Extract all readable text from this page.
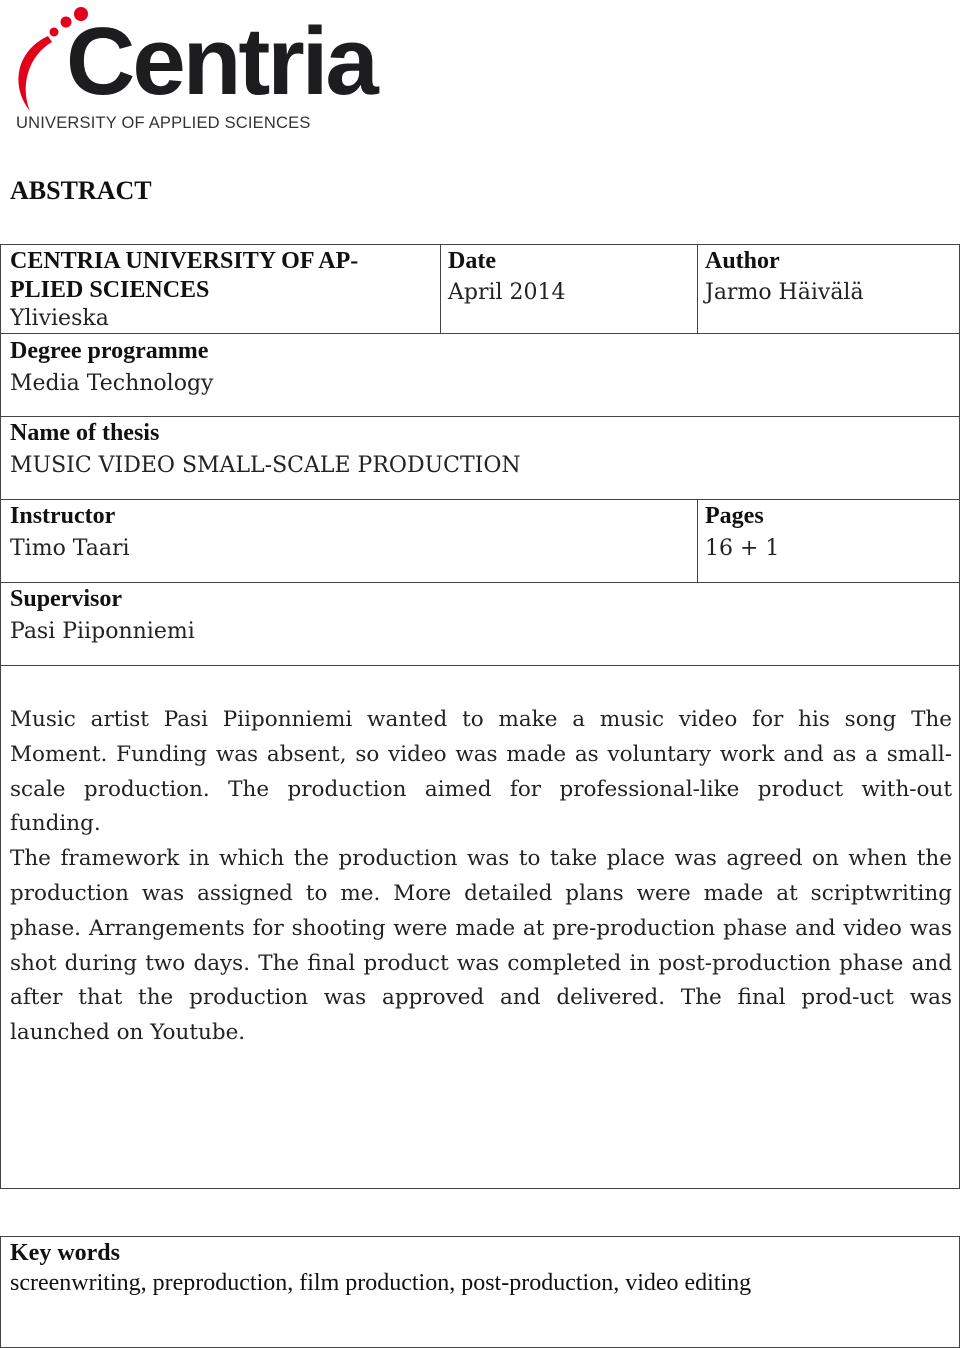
Centria
UNIVERSITY OF APPLIED SCIENCES
ABSTRACT
CENTRIA UNIVERSITY OF AP-
PLIED SCIENCES
Ylivieska
Date
April 2014
Author
Jarmo Häivälä
Degree programme
Media Technology
Name of thesis
MUSIC VIDEO SMALL-SCALE PRODUCTION
Instructor
Timo Taari
Pages
16 + 1
Supervisor
Pasi Piiponniemi

Music artist Pasi Piiponniemi wanted to make a music video for his song The Moment. Funding was absent, so video was made as voluntary work and as a small-scale production. The production aimed for professional-like product with-out funding.

The framework in which the production was to take place was agreed on when the production was assigned to me. More detailed plans were made at scriptwriting phase. Arrangements for shooting were made at pre-production phase and video was shot during two days. The final product was completed in post-production phase and after that the production was approved and delivered. The final prod-uct was launched on Youtube.

Key words
screenwriting, preproduction, film production, post-production, video editing
